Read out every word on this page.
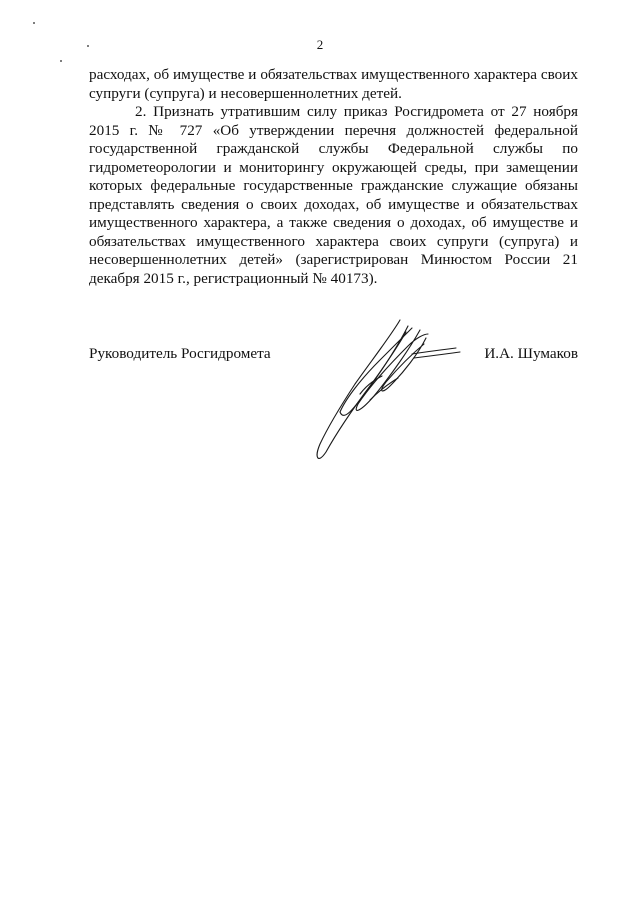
2

расходах, об имуществе и обязательствах имущественного характера своих супруги (супруга) и несовершеннолетних детей.

2. Признать утратившим силу приказ Росгидромета от 27 ноября 2015 г. № 727 «Об утверждении перечня должностей федеральной государственной гражданской службы Федеральной службы по гидрометеорологии и мониторингу окружающей среды, при замещении которых федеральные государственные гражданские служащие обязаны представлять сведения о своих доходах, об имуществе и обязательствах имущественного характера, а также сведения о доходах, об имуществе и обязательствах имущественного характера своих супруги (супруга) и несовершеннолетних детей» (зарегистрирован Минюстом России 21 декабря 2015 г., регистрационный № 40173).

Руководитель Росгидромета	И.А. Шумаков
